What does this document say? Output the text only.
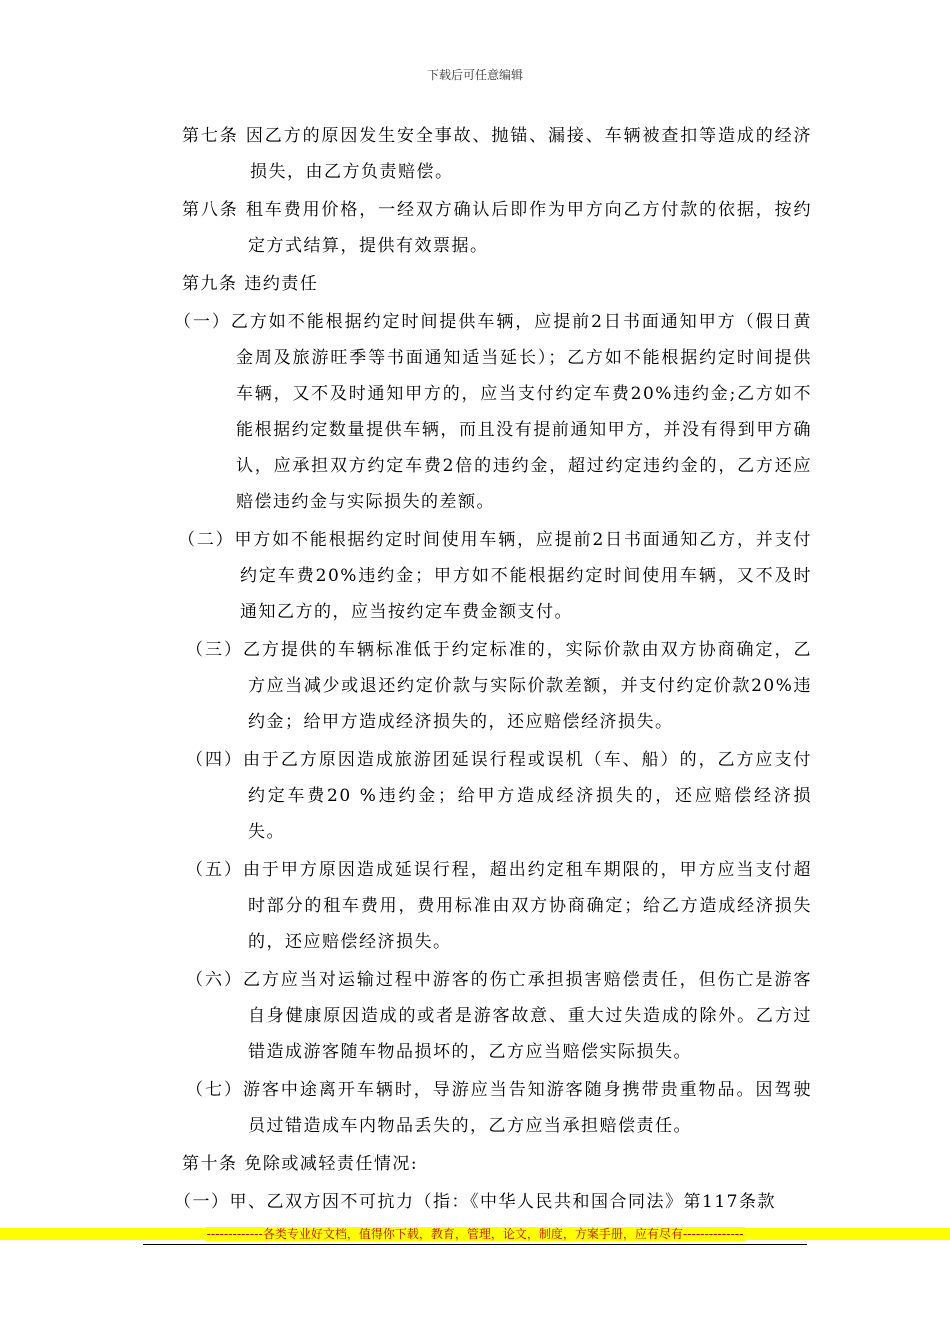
下载后可任意编辑

第七条 因乙方的原因发生安全事故、抛锚、漏接、车辆被查扣等造成的经济损失，由乙方负责赔偿。

第八条 租车费用价格，一经双方确认后即作为甲方向乙方付款的依据，按约定方式结算，提供有效票据。

第九条 违约责任

（一）乙方如不能根据约定时间提供车辆，应提前2日书面通知甲方（假日黄金周及旅游旺季等书面通知适当延长）；乙方如不能根据约定时间提供车辆，又不及时通知甲方的，应当支付约定车费20%违约金;乙方如不能根据约定数量提供车辆，而且没有提前通知甲方，并没有得到甲方确认，应承担双方约定车费2倍的违约金，超过约定违约金的，乙方还应赔偿违约金与实际损失的差额。

（二）甲方如不能根据约定时间使用车辆，应提前2日书面通知乙方，并支付约定车费20%违约金；甲方如不能根据约定时间使用车辆，又不及时通知乙方的，应当按约定车费金额支付。

（三）乙方提供的车辆标准低于约定标准的，实际价款由双方协商确定，乙方应当减少或退还约定价款与实际价款差额，并支付约定价款20%违约金；给甲方造成经济损失的，还应赔偿经济损失。

（四）由于乙方原因造成旅游团延误行程或误机（车、船）的，乙方应支付约定车费20 %违约金；给甲方造成经济损失的，还应赔偿经济损失。

（五）由于甲方原因造成延误行程，超出约定租车期限的，甲方应当支付超时部分的租车费用，费用标准由双方协商确定；给乙方造成经济损失的，还应赔偿经济损失。

（六）乙方应当对运输过程中游客的伤亡承担损害赔偿责任，但伤亡是游客自身健康原因造成的或者是游客故意、重大过失造成的除外。乙方过错造成游客随车物品损坏的，乙方应当赔偿实际损失。

（七）游客中途离开车辆时，导游应当告知游客随身携带贵重物品。因驾驶员过错造成车内物品丢失的，乙方应当承担赔偿责任。

第十条 免除或减轻责任情况:

（一）甲、乙双方因不可抗力（指：《中华人民共和国合同法》第117条款

-------------各类专业好文档，值得你下载，教育，管理，论文，制度，方案手册，应有尽有--------------
